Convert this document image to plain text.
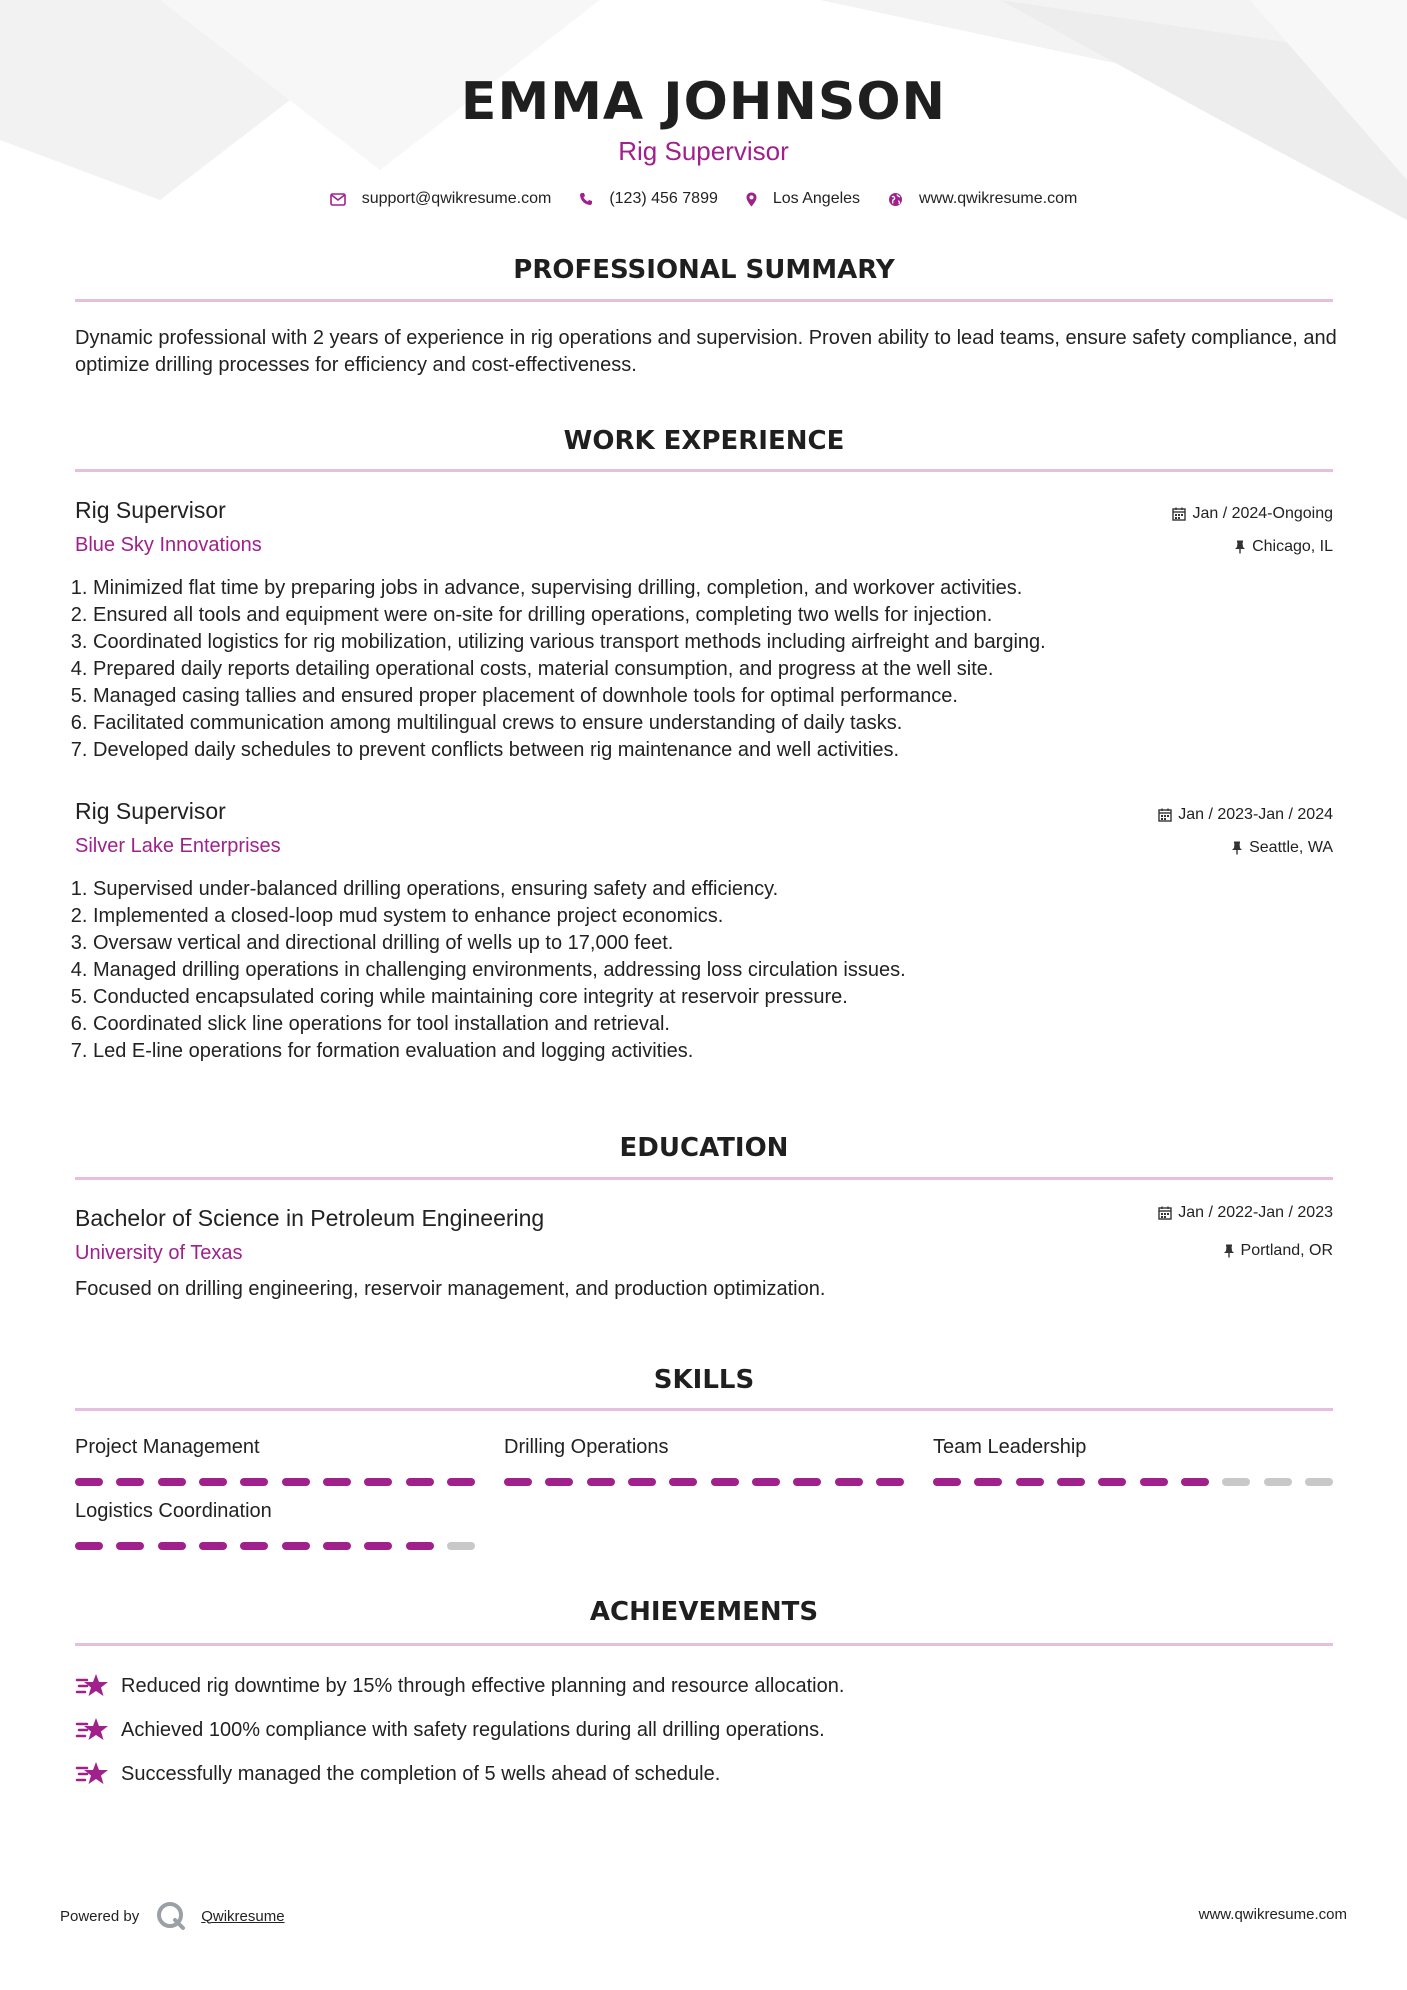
EMMA JOHNSON
Rig Supervisor
support@qwikresume.com	(123) 456 7899	Los Angeles	www.qwikresume.com
PROFESSIONAL SUMMARY
Dynamic professional with 2 years of experience in rig operations and supervision. Proven ability to lead teams, ensure safety compliance, and optimize drilling processes for efficiency and cost-effectiveness.
WORK EXPERIENCE
Rig Supervisor
Blue Sky Innovations
Jan / 2024-Ongoing
Chicago, IL
1. Minimized flat time by preparing jobs in advance, supervising drilling, completion, and workover activities.
2. Ensured all tools and equipment were on-site for drilling operations, completing two wells for injection.
3. Coordinated logistics for rig mobilization, utilizing various transport methods including airfreight and barging.
4. Prepared daily reports detailing operational costs, material consumption, and progress at the well site.
5. Managed casing tallies and ensured proper placement of downhole tools for optimal performance.
6. Facilitated communication among multilingual crews to ensure understanding of daily tasks.
7. Developed daily schedules to prevent conflicts between rig maintenance and well activities.
Rig Supervisor
Silver Lake Enterprises
Jan / 2023-Jan / 2024
Seattle, WA
1. Supervised under-balanced drilling operations, ensuring safety and efficiency.
2. Implemented a closed-loop mud system to enhance project economics.
3. Oversaw vertical and directional drilling of wells up to 17,000 feet.
4. Managed drilling operations in challenging environments, addressing loss circulation issues.
5. Conducted encapsulated coring while maintaining core integrity at reservoir pressure.
6. Coordinated slick line operations for tool installation and retrieval.
7. Led E-line operations for formation evaluation and logging activities.
EDUCATION
Bachelor of Science in Petroleum Engineering
University of Texas
Jan / 2022-Jan / 2023
Portland, OR
Focused on drilling engineering, reservoir management, and production optimization.
SKILLS
Project Management	Drilling Operations	Team Leadership
Logistics Coordination
ACHIEVEMENTS
Reduced rig downtime by 15% through effective planning and resource allocation.
Achieved 100% compliance with safety regulations during all drilling operations.
Successfully managed the completion of 5 wells ahead of schedule.
Powered by	Qwikresume	www.qwikresume.com
